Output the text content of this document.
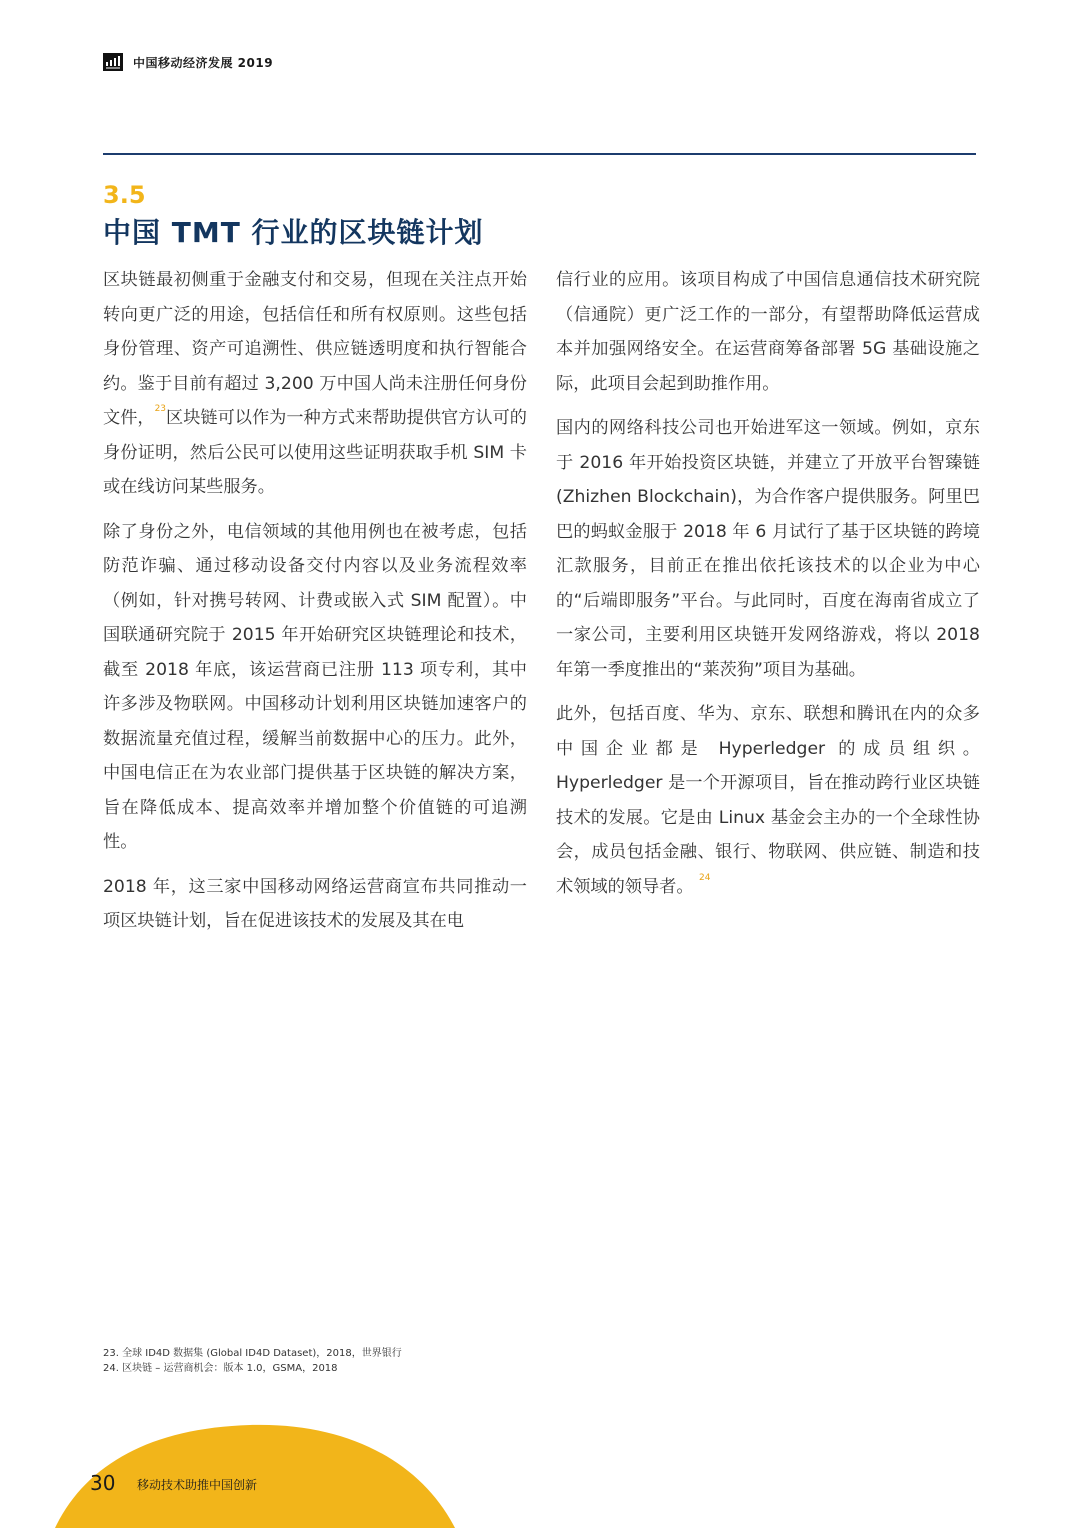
中国移动经济发展 2019
3.5
中国 TMT 行业的区块链计划

区块链最初侧重于金融支付和交易，但现在关注点开始转向更广泛的用途，包括信任和所有权原则。这些包括身份管理、资产可追溯性、供应链透明度和执行智能合约。鉴于目前有超过 3,200 万中国人尚未注册任何身份文件，$^{23}$区块链可以作为一种方式来帮助提供官方认可的身份证明，然后公民可以使用这些证明获取手机 SIM 卡或在线访问某些服务。

除了身份之外，电信领域的其他用例也在被考虑，包括防范诈骗、通过移动设备交付内容以及业务流程效率（例如，针对携号转网、计费或嵌入式 SIM 配置）。中国联通研究院于 2015 年开始研究区块链理论和技术，截至 2018 年底，该运营商已注册 113 项专利，其中许多涉及物联网。中国移动计划利用区块链加速客户的数据流量充值过程，缓解当前数据中心的压力。此外，中国电信正在为农业部门提供基于区块链的解决方案，旨在降低成本、提高效率并增加整个价值链的可追溯性。

2018 年，这三家中国移动网络运营商宣布共同推动一项区块链计划，旨在促进该技术的发展及其在电

信行业的应用。该项目构成了中国信息通信技术研究院（信通院）更广泛工作的一部分，有望帮助降低运营成本并加强网络安全。在运营商筹备部署 5G 基础设施之际，此项目会起到助推作用。

国内的网络科技公司也开始进军这一领域。例如，京东于 2016 年开始投资区块链，并建立了开放平台智臻链 (Zhizhen Blockchain)，为合作客户提供服务。阿里巴巴的蚂蚁金服于 2018 年 6 月试行了基于区块链的跨境汇款服务，目前正在推出依托该技术的以企业为中心的“后端即服务”平台。与此同时，百度在海南省成立了一家公司，主要利用区块链开发网络游戏，将以 2018 年第一季度推出的“莱茨狗”项目为基础。

此外，包括百度、华为、京东、联想和腾讯在内的众多中国企业都是 Hyperledger 的成员组织。Hyperledger 是一个开源项目，旨在推动跨行业区块链技术的发展。它是由 Linux 基金会主办的一个全球性协会，成员包括金融、银行、物联网、供应链、制造和技术领域的领导者。 $^{24}$

23. 全球 ID4D 数据集 (Global ID4D Dataset)，2018，世界银行
24. 区块链 – 运营商机会：版本 1.0，GSMA，2018
30 移动技术助推中国创新
